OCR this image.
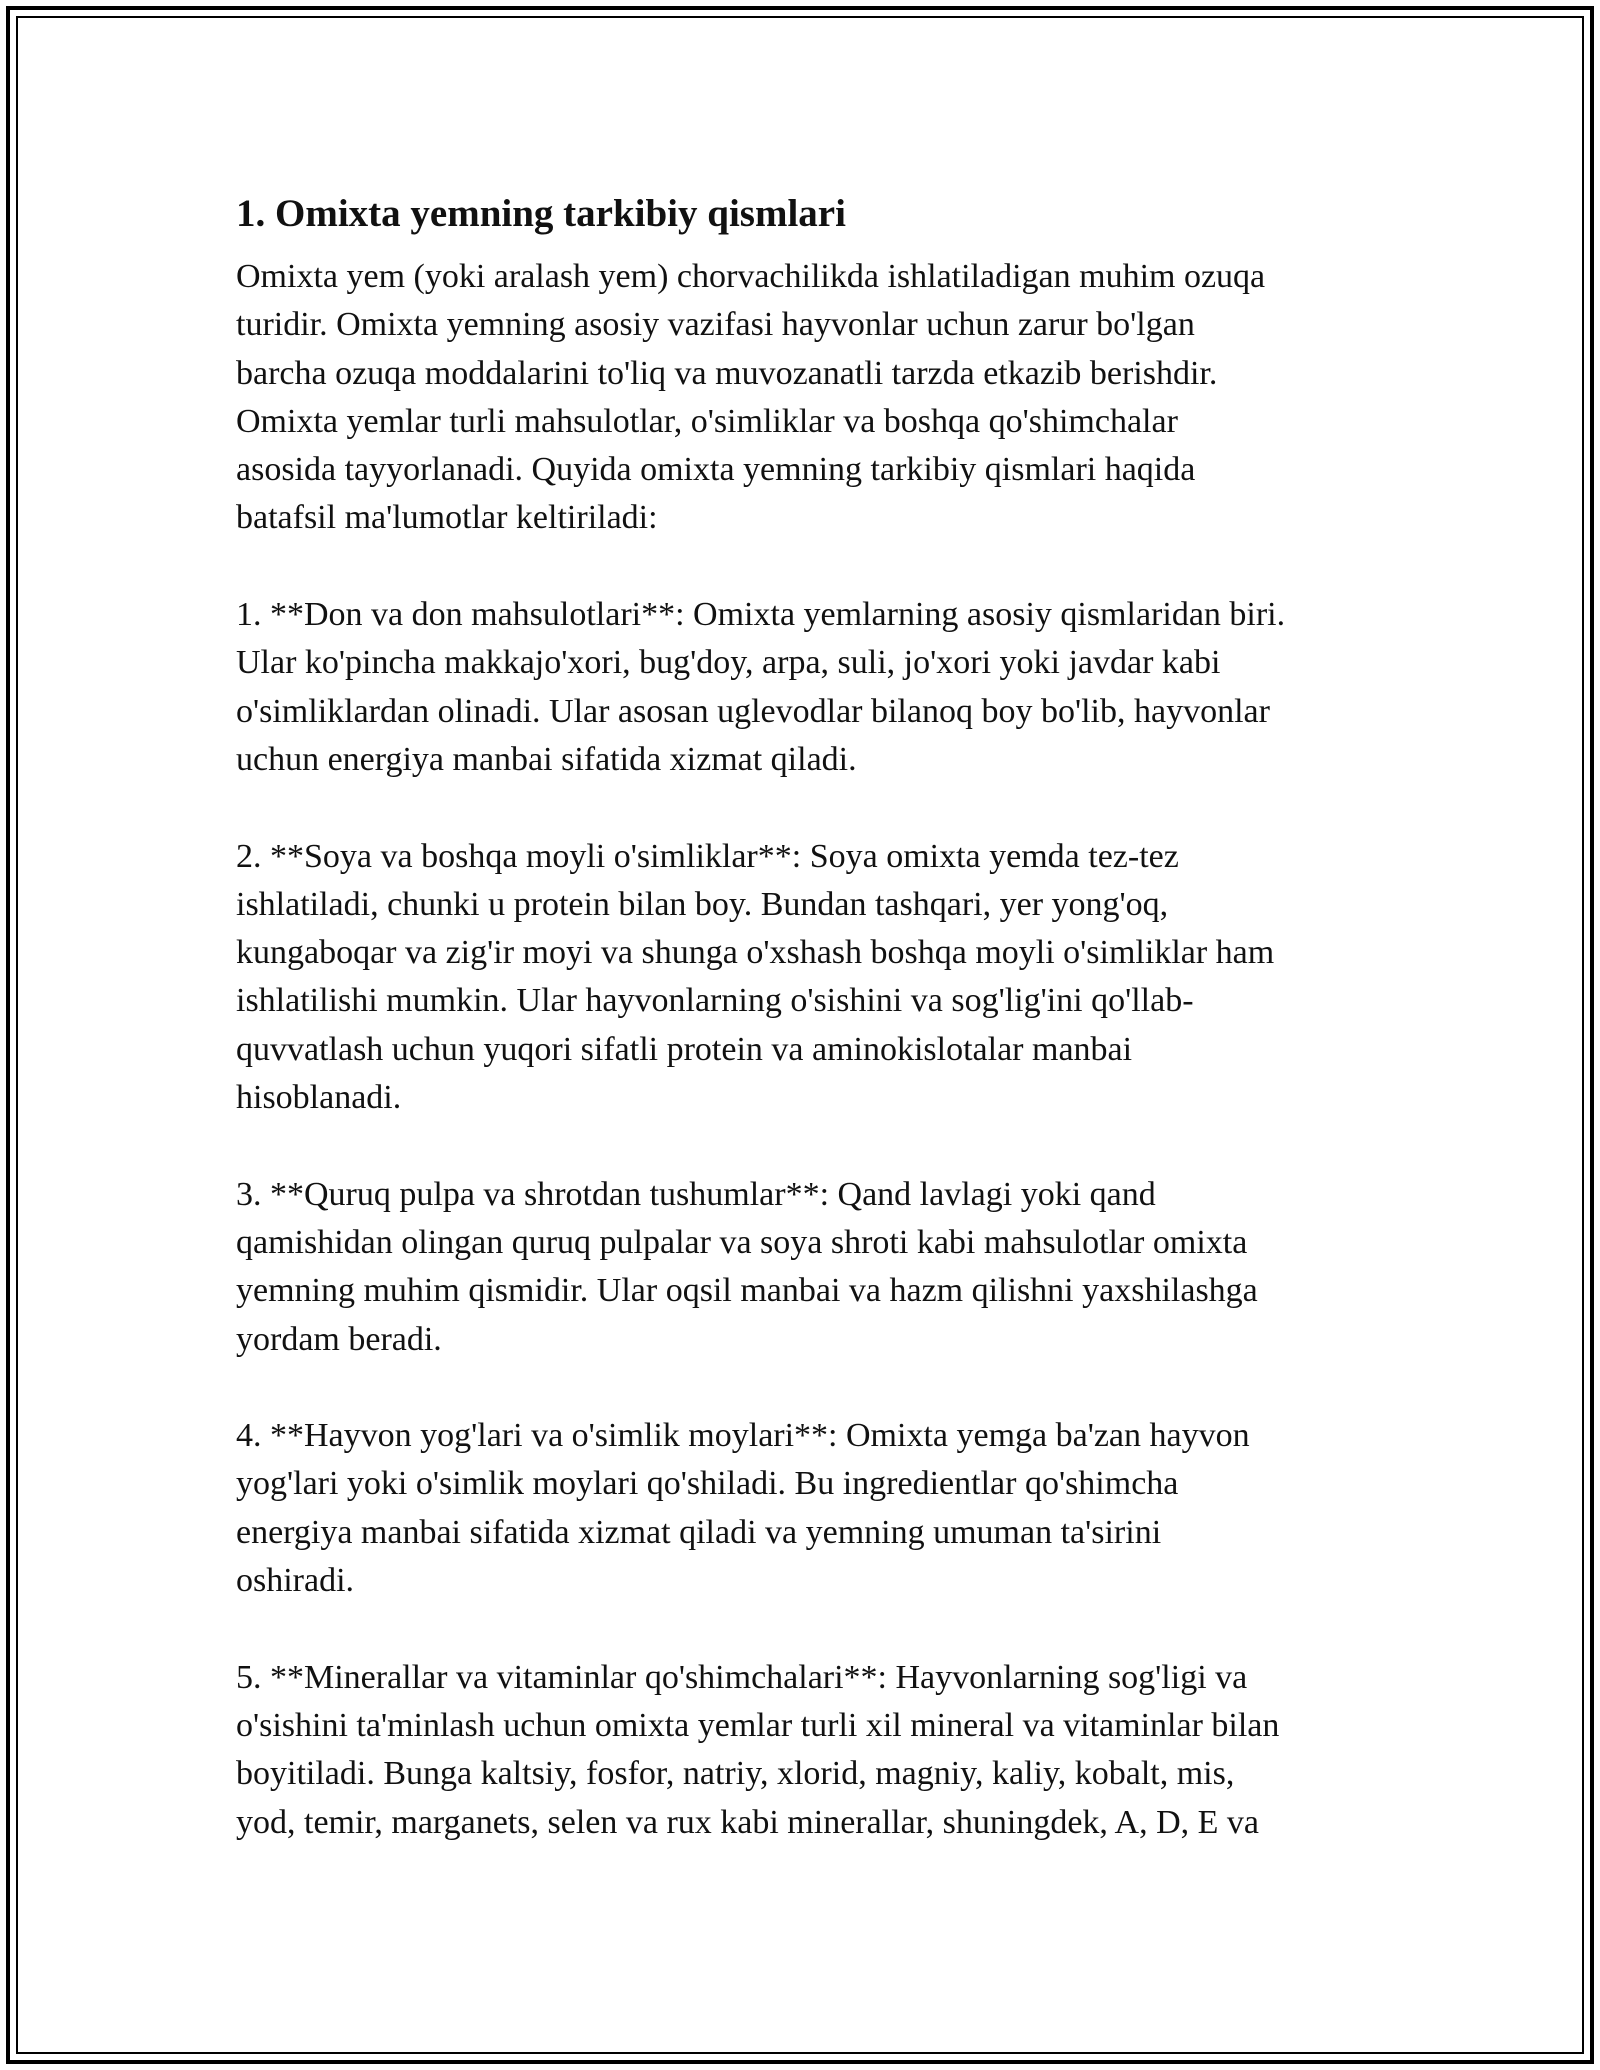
1. Omixta yemning tarkibiy qismlari

Omixta yem (yoki aralash yem) chorvachilikda ishlatiladigan muhim ozuqa
turidir. Omixta yemning asosiy vazifasi hayvonlar uchun zarur bo'lgan
barcha ozuqa moddalarini to'liq va muvozanatli tarzda etkazib berishdir.
Omixta yemlar turli mahsulotlar, o'simliklar va boshqa qo'shimchalar
asosida tayyorlanadi. Quyida omixta yemning tarkibiy qismlari haqida
batafsil ma'lumotlar keltiriladi:

1. **Don va don mahsulotlari**: Omixta yemlarning asosiy qismlaridan biri.
Ular ko'pincha makkajo'xori, bug'doy, arpa, suli, jo'xori yoki javdar kabi
o'simliklardan olinadi. Ular asosan uglevodlar bilanoq boy bo'lib, hayvonlar
uchun energiya manbai sifatida xizmat qiladi.

2. **Soya va boshqa moyli o'simliklar**: Soya omixta yemda tez-tez
ishlatiladi, chunki u protein bilan boy. Bundan tashqari, yer yong'oq,
kungaboqar va zig'ir moyi va shunga o'xshash boshqa moyli o'simliklar ham
ishlatilishi mumkin. Ular hayvonlarning o'sishini va sog'lig'ini qo'llab-
quvvatlash uchun yuqori sifatli protein va aminokislotalar manbai
hisoblanadi.

3. **Quruq pulpa va shrotdan tushumlar**: Qand lavlagi yoki qand
qamishidan olingan quruq pulpalar va soya shroti kabi mahsulotlar omixta
yemning muhim qismidir. Ular oqsil manbai va hazm qilishni yaxshilashga
yordam beradi.

4. **Hayvon yog'lari va o'simlik moylari**: Omixta yemga ba'zan hayvon
yog'lari yoki o'simlik moylari qo'shiladi. Bu ingredientlar qo'shimcha
energiya manbai sifatida xizmat qiladi va yemning umuman ta'sirini
oshiradi.

5. **Minerallar va vitaminlar qo'shimchalari**: Hayvonlarning sog'ligi va
o'sishini ta'minlash uchun omixta yemlar turli xil mineral va vitaminlar bilan
boyitiladi. Bunga kaltsiy, fosfor, natriy, xlorid, magniy, kaliy, kobalt, mis,
yod, temir, marganets, selen va rux kabi minerallar, shuningdek, A, D, E va
